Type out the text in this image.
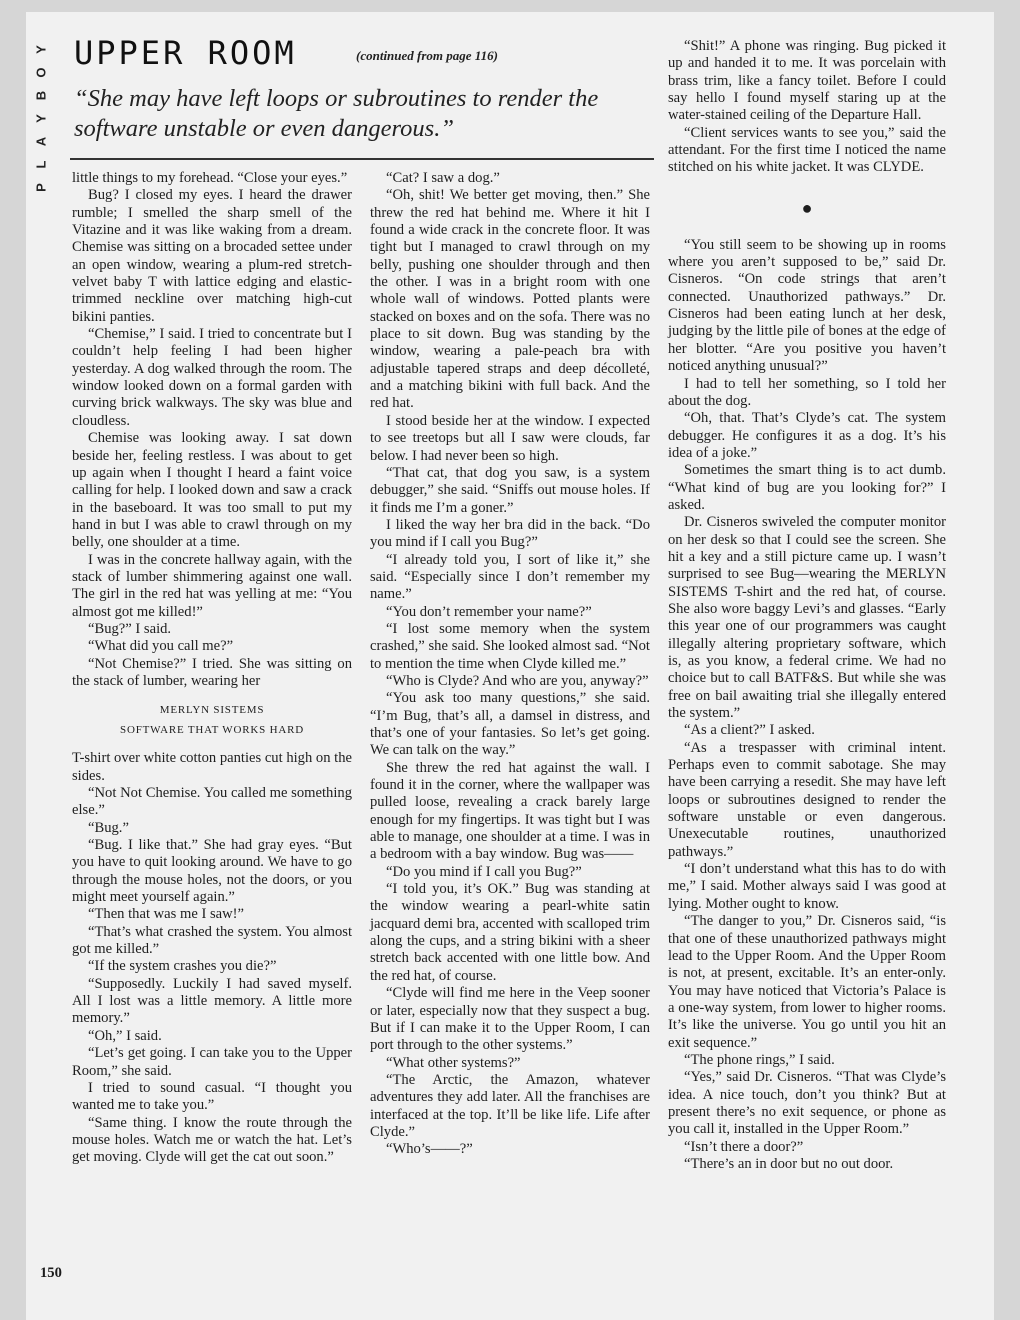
Y
O
B
Y
A
L
P
UPPER ROOM	(continued from page 116)
“She may have left loops or subroutines to render the software unstable or even dangerous.”

little things to my forehead. “Close your eyes.”

Bug? I closed my eyes. I heard the drawer rumble; I smelled the sharp smell of the Vitazine and it was like waking from a dream. Chemise was sitting on a brocaded settee under an open window, wearing a plum-red stretch-velvet baby T with lattice edging and elastic-trimmed neckline over matching high-cut bikini panties.

“Chemise,” I said. I tried to concentrate but I couldn’t help feeling I had been higher yesterday. A dog walked through the room. The window looked down on a formal garden with curving brick walkways. The sky was blue and cloudless.

Chemise was looking away. I sat down beside her, feeling restless. I was about to get up again when I thought I heard a faint voice calling for help. I looked down and saw a crack in the baseboard. It was too small to put my hand in but I was able to crawl through on my belly, one shoulder at a time.

I was in the concrete hallway again, with the stack of lumber shimmering against one wall. The girl in the red hat was yelling at me: “You almost got me killed!”

“Bug?” I said.

“What did you call me?”

“Not Chemise?” I tried. She was sitting on the stack of lumber, wearing her

MERLYN SISTEMS
SOFTWARE THAT WORKS HARD

T-shirt over white cotton panties cut high on the sides.

“Not Not Chemise. You called me something else.”

“Bug.”

“Bug. I like that.” She had gray eyes. “But you have to quit looking around. We have to go through the mouse holes, not the doors, or you might meet yourself again.”

“Then that was me I saw!”

“That’s what crashed the system. You almost got me killed.”

“If the system crashes you die?”

“Supposedly. Luckily I had saved myself. All I lost was a little memory. A little more memory.”

“Oh,” I said.

“Let’s get going. I can take you to the Upper Room,” she said.

I tried to sound casual. “I thought you wanted me to take you.”

“Same thing. I know the route through the mouse holes. Watch me or watch the hat. Let’s get moving. Clyde will get the cat out soon.”

“Cat? I saw a dog.”

“Oh, shit! We better get moving, then.” She threw the red hat behind me. Where it hit I found a wide crack in the concrete floor. It was tight but I managed to crawl through on my belly, pushing one shoulder through and then the other. I was in a bright room with one whole wall of windows. Potted plants were stacked on boxes and on the sofa. There was no place to sit down. Bug was standing by the window, wearing a pale-peach bra with adjustable tapered straps and deep décolleté, and a matching bikini with full back. And the red hat.

I stood beside her at the window. I expected to see treetops but all I saw were clouds, far below. I had never been so high.

“That cat, that dog you saw, is a system debugger,” she said. “Sniffs out mouse holes. If it finds me I’m a goner.”

I liked the way her bra did in the back. “Do you mind if I call you Bug?”

“I already told you, I sort of like it,” she said. “Especially since I don’t remember my name.”

“You don’t remember your name?”

“I lost some memory when the system crashed,” she said. She looked almost sad. “Not to mention the time when Clyde killed me.”

“Who is Clyde? And who are you, anyway?”

“You ask too many questions,” she said. “I’m Bug, that’s all, a damsel in distress, and that’s one of your fantasies. So let’s get going. We can talk on the way.”

She threw the red hat against the wall. I found it in the corner, where the wallpaper was pulled loose, revealing a crack barely large enough for my fingertips. It was tight but I was able to manage, one shoulder at a time. I was in a bedroom with a bay window. Bug was——

“Do you mind if I call you Bug?”

“I told you, it’s OK.” Bug was standing at the window wearing a pearl-white satin jacquard demi bra, accented with scalloped trim along the cups, and a string bikini with a sheer stretch back accented with one little bow. And the red hat, of course.

“Clyde will find me here in the Veep sooner or later, especially now that they suspect a bug. But if I can make it to the Upper Room, I can port through to the other systems.”

“What other systems?”

“The Arctic, the Amazon, whatever adventures they add later. All the franchises are interfaced at the top. It’ll be like life. Life after Clyde.”

“Who’s——?”

“Shit!” A phone was ringing. Bug picked it up and handed it to me. It was porcelain with brass trim, like a fancy toilet. Before I could say hello I found myself staring up at the water-stained ceiling of the Departure Hall.

“Client services wants to see you,” said the attendant. For the first time I noticed the name stitched on his white jacket. It was CLYDE.

●

“You still seem to be showing up in rooms where you aren’t supposed to be,” said Dr. Cisneros. “On code strings that aren’t connected. Unauthorized pathways.” Dr. Cisneros had been eating lunch at her desk, judging by the little pile of bones at the edge of her blotter. “Are you positive you haven’t noticed anything unusual?”

I had to tell her something, so I told her about the dog.

“Oh, that. That’s Clyde’s cat. The system debugger. He configures it as a dog. It’s his idea of a joke.”

Sometimes the smart thing is to act dumb. “What kind of bug are you looking for?” I asked.

Dr. Cisneros swiveled the computer monitor on her desk so that I could see the screen. She hit a key and a still picture came up. I wasn’t surprised to see Bug—wearing the MERLYN SISTEMS T-shirt and the red hat, of course. She also wore baggy Levi’s and glasses. “Early this year one of our programmers was caught illegally altering proprietary software, which is, as you know, a federal crime. We had no choice but to call BATF&S. But while she was free on bail awaiting trial she illegally entered the system.”

“As a client?” I asked.

“As a trespasser with criminal intent. Perhaps even to commit sabotage. She may have been carrying a resedit. She may have left loops or subroutines designed to render the software unstable or even dangerous. Unexecutable routines, unauthorized pathways.”

“I don’t understand what this has to do with me,” I said. Mother always said I was good at lying. Mother ought to know.

“The danger to you,” Dr. Cisneros said, “is that one of these unauthorized pathways might lead to the Upper Room. And the Upper Room is not, at present, excitable. It’s an enter-only. You may have noticed that Victoria’s Palace is a one-way system, from lower to higher rooms. It’s like the universe. You go until you hit an exit sequence.”

“The phone rings,” I said.

“Yes,” said Dr. Cisneros. “That was Clyde’s idea. A nice touch, don’t you think? But at present there’s no exit sequence, or phone as you call it, installed in the Upper Room.”

“Isn’t there a door?”

“There’s an in door but no out door.

150
